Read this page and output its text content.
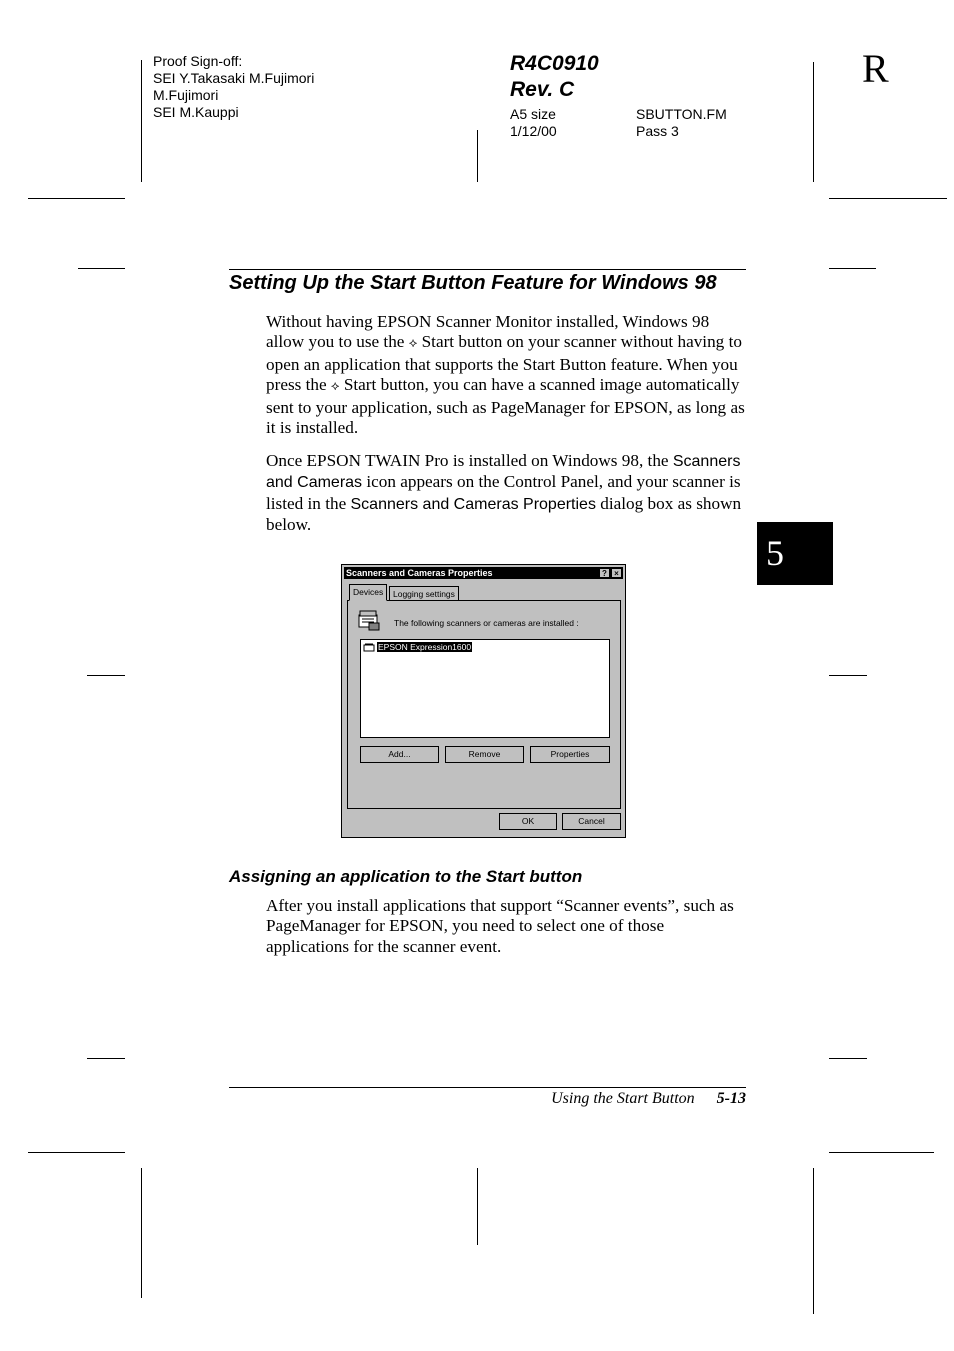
Proof Sign-off:
SEI Y.Takasaki M.Fujimori
M.Fujimori
SEI M.Kauppi
R4C0910
Rev. C
A5 size
1/12/00
SBUTTON.FM
Pass 3
R
5
Setting Up the Start Button Feature for Windows 98
Without having EPSON Scanner Monitor installed, Windows 98 allow you to use the ⟡ Start button on your scanner without having to open an application that supports the Start Button feature. When you press the ⟡ Start button, you can have a scanned image automatically sent to your application, such as PageManager for EPSON, as long as it is installed.
Once EPSON TWAIN Pro is installed on Windows 98, the Scanners and Cameras icon appears on the Control Panel, and your scanner is listed in the Scanners and Cameras Properties dialog box as shown below.
Scanners and Cameras Properties	? ×
Devices	Logging settings
The following scanners or cameras are installed :
EPSON Expression1600
Add...	Remove	Properties
OK	Cancel
Assigning an application to the Start button
After you install applications that support “Scanner events”, such as PageManager for EPSON, you need to select one of those applications for the scanner event.
Using the Start Button 5-13
